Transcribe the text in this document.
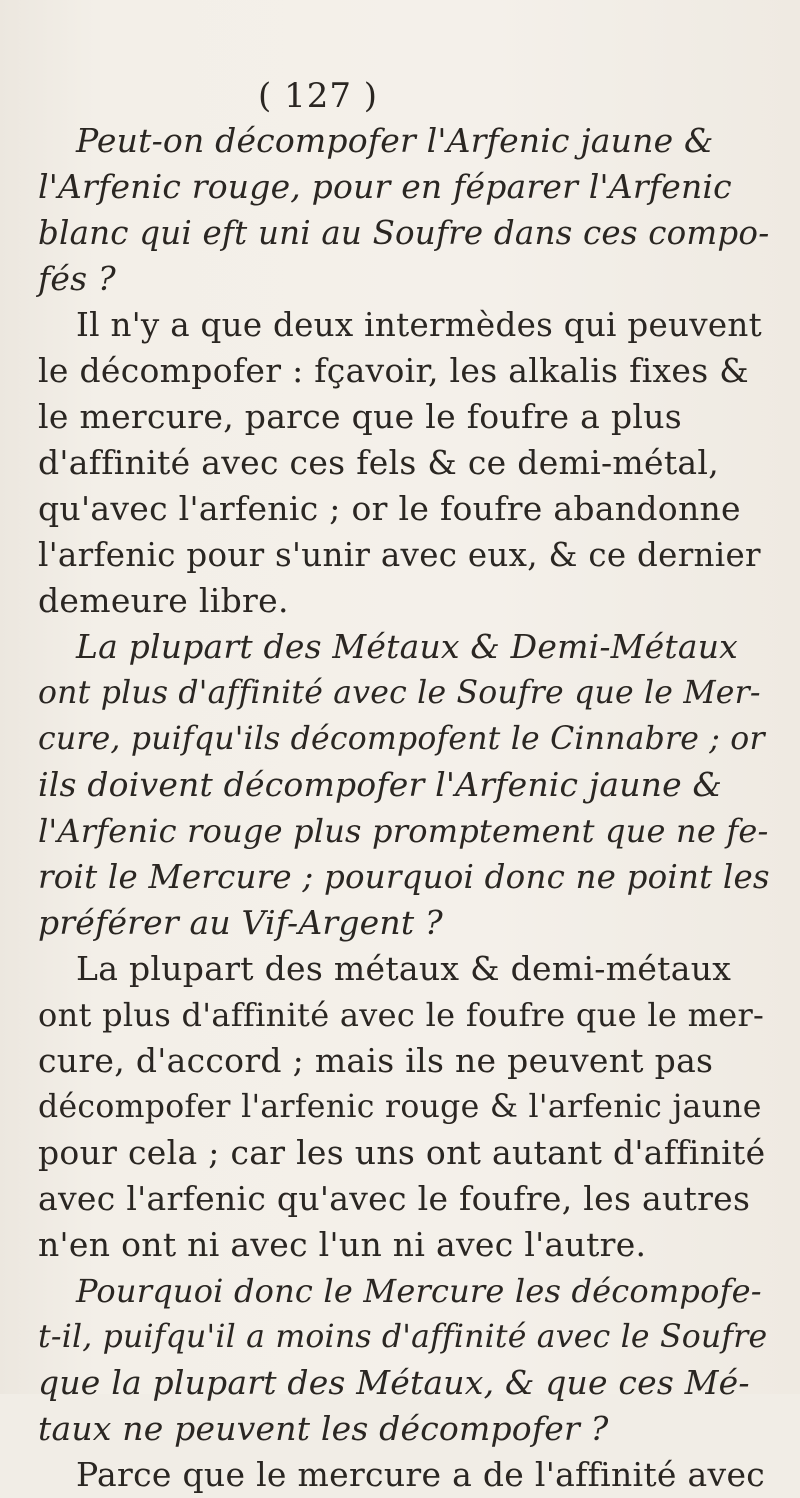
( 127 )
Peut-on décompofer l'Arfenic jaune &
l'Arfenic rouge, pour en féparer l'Arfenic
blanc qui eft uni au Soufre dans ces compo-
fés ?
Il n'y a que deux intermèdes qui peuvent
le décompofer : fçavoir, les alkalis fixes &
le mercure, parce que le foufre a plus
d'affinité avec ces fels & ce demi-métal,
qu'avec l'arfenic ; or le foufre abandonne
l'arfenic pour s'unir avec eux, & ce dernier
demeure libre.
La plupart des Métaux & Demi-Métaux
ont plus d'affinité avec le Soufre que le Mer-
cure, puifqu'ils décompofent le Cinnabre ; or
ils doivent décompofer l'Arfenic jaune &
l'Arfenic rouge plus promptement que ne fe-
roit le Mercure ; pourquoi donc ne point les
préférer au Vif-Argent ?
La plupart des métaux & demi-métaux
ont plus d'affinité avec le foufre que le mer-
cure, d'accord ; mais ils ne peuvent pas
décompofer l'arfenic rouge & l'arfenic jaune
pour cela ; car les uns ont autant d'affinité
avec l'arfenic qu'avec le foufre, les autres
n'en ont ni avec l'un ni avec l'autre.
Pourquoi donc le Mercure les décompofe-
t-il, puifqu'il a moins d'affinité avec le Soufre
que la plupart des Métaux, & que ces Mé-
taux ne peuvent les décompofer ?
Parce que le mercure a de l'affinité avec
